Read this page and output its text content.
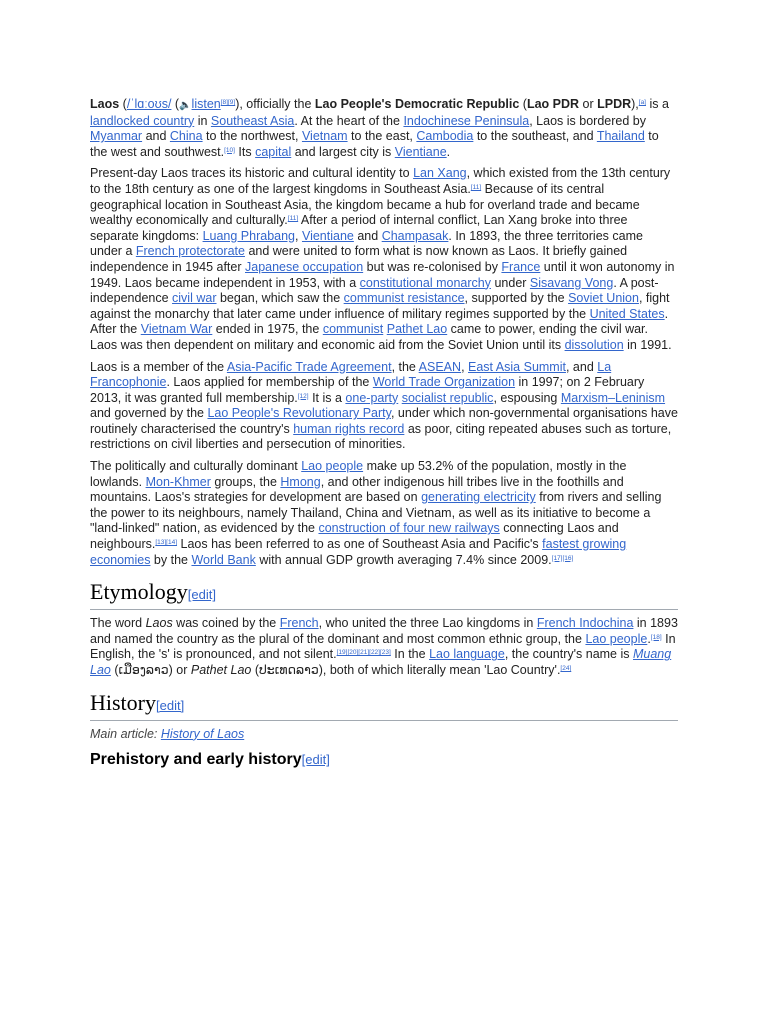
Laos (/ˈlɑːoʊs/ (🔈listen[8][9]), officially the Lao People's Democratic Republic (Lao PDR or LPDR),[a] is a landlocked country in Southeast Asia. At the heart of the Indochinese Peninsula, Laos is bordered by Myanmar and China to the northwest, Vietnam to the east, Cambodia to the southeast, and Thailand to the west and southwest.[10] Its capital and largest city is Vientiane.

Present-day Laos traces its historic and cultural identity to Lan Xang, which existed from the 13th century to the 18th century as one of the largest kingdoms in Southeast Asia.[11] Because of its central geographical location in Southeast Asia, the kingdom became a hub for overland trade and became wealthy economically and culturally.[11] After a period of internal conflict, Lan Xang broke into three separate kingdoms: Luang Phrabang, Vientiane and Champasak. In 1893, the three territories came under a French protectorate and were united to form what is now known as Laos. It briefly gained independence in 1945 after Japanese occupation but was re-colonised by France until it won autonomy in 1949. Laos became independent in 1953, with a constitutional monarchy under Sisavang Vong. A post-independence civil war began, which saw the communist resistance, supported by the Soviet Union, fight against the monarchy that later came under influence of military regimes supported by the United States. After the Vietnam War ended in 1975, the communist Pathet Lao came to power, ending the civil war. Laos was then dependent on military and economic aid from the Soviet Union until its dissolution in 1991.

Laos is a member of the Asia-Pacific Trade Agreement, the ASEAN, East Asia Summit, and La Francophonie. Laos applied for membership of the World Trade Organization in 1997; on 2 February 2013, it was granted full membership.[12] It is a one-party socialist republic, espousing Marxism–Leninism and governed by the Lao People's Revolutionary Party, under which non-governmental organisations have routinely characterised the country's human rights record as poor, citing repeated abuses such as torture, restrictions on civil liberties and persecution of minorities.

The politically and culturally dominant Lao people make up 53.2% of the population, mostly in the lowlands. Mon-Khmer groups, the Hmong, and other indigenous hill tribes live in the foothills and mountains. Laos's strategies for development are based on generating electricity from rivers and selling the power to its neighbours, namely Thailand, China and Vietnam, as well as its initiative to become a "land-linked" nation, as evidenced by the construction of four new railways connecting Laos and neighbours.[13][14] Laos has been referred to as one of Southeast Asia and Pacific's fastest growing economies by the World Bank with annual GDP growth averaging 7.4% since 2009.[17][16]

Etymology[edit]

The word Laos was coined by the French, who united the three Lao kingdoms in French Indochina in 1893 and named the country as the plural of the dominant and most common ethnic group, the Lao people.[18] In English, the 's' is pronounced, and not silent.[19][20][21][22][23] In the Lao language, the country's name is Muang Lao (ເມືອງລາວ) or Pathet Lao (ປະເທດລາວ), both of which literally mean 'Lao Country'.[24]

History[edit]
Main article: History of Laos
Prehistory and early history[edit]
